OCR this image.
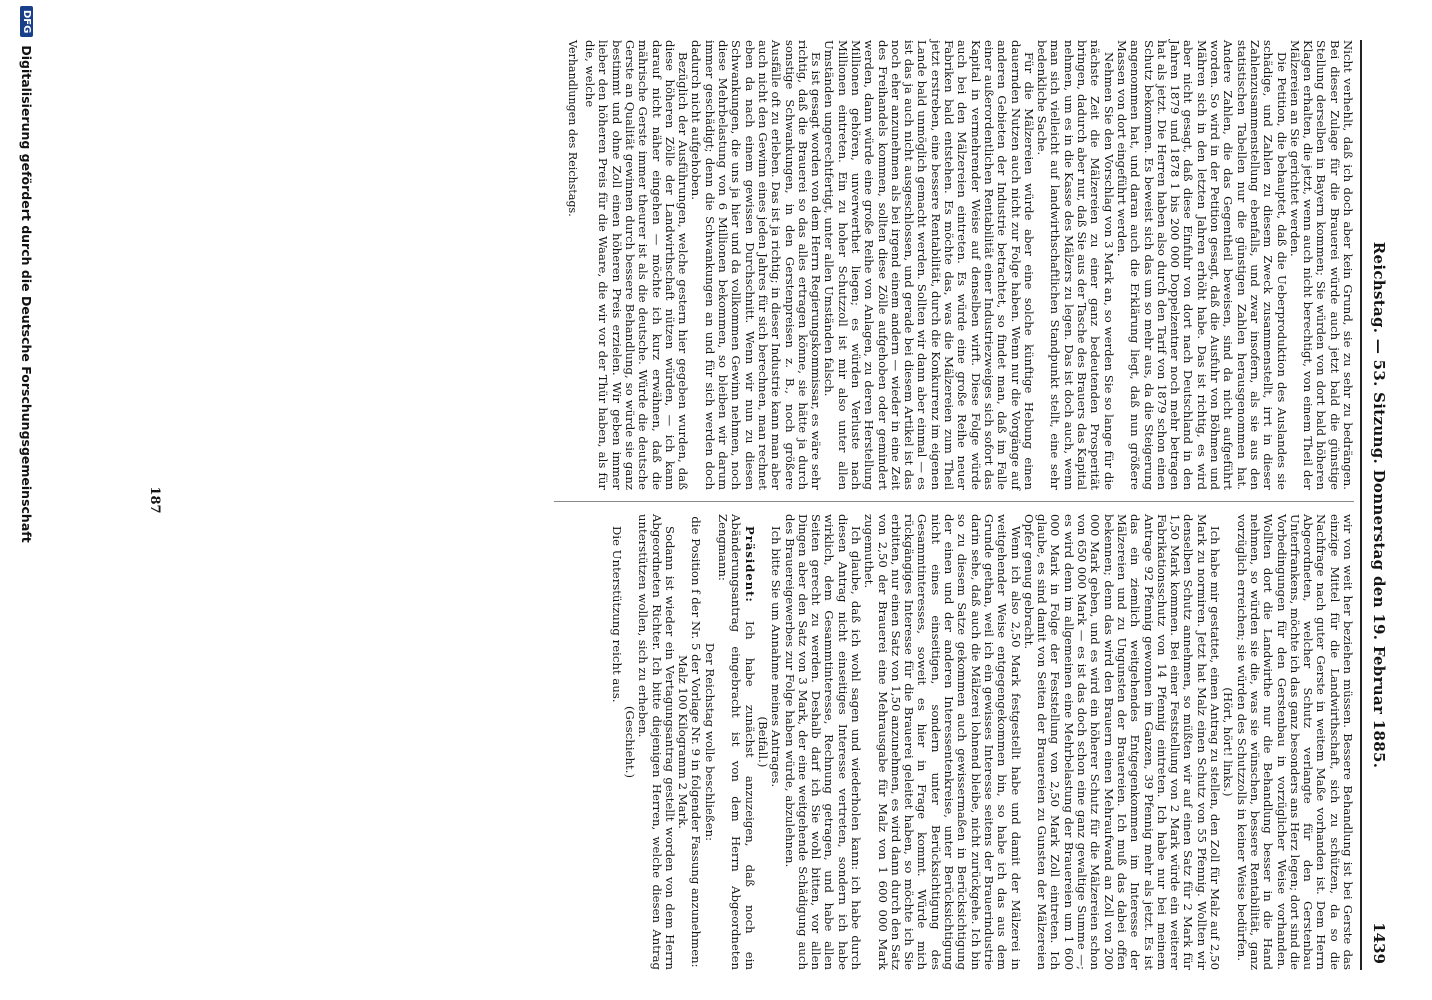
Reichstag. — 53. Sitzung. Donnerstag den 19. Februar 1885.
1439

Nicht verhehlt, daß ich doch aber kein Grund, sie zu sehr zu bedrängen. Bei dieser Zulage für die Brauerei würde auch jetzt bald die günstige Stellung derselben in Bayern kommen; Sie würden von dort bald höheren Klagen erhalten, die jetzt, wenn auch nicht berechtigt, von einem Theil der Mälzereien an Sie gerichtet werden.

Die Petition, die behauptet, daß die Ueberproduktion des Auslandes sie schädige, und Zahlen zu diesem Zweck zusammenstellt, irrt in dieser Zahlenzusammenstellung ebenfalls, und zwar insofern, als sie aus den statistischen Tabellen nur die günstigen Zahlen herausgenommen hat. Andere Zahlen, die das Gegentheil beweisen, sind da nicht aufgeführt worden. So wird in der Petition gesagt, daß die Ausfuhr von Böhmen und Mähren sich in den letzten Jahren erhöht habe. Das ist richtig, es wird aber nicht gesagt, daß diese Einfuhr von dort nach Deutschland in den Jahren 1879 und 1878 1 bis 200 000 Doppelzentner noch mehr betragen hat als jetzt. Die Herren haben also durch den Tarif von 1879 schon einen Schutz bekommen. Es beweist sich das um so mehr aus, da die Steigerung angenommen hat, und daran auch die Erklärung liegt, daß nun größere Massen von dort eingeführt werden.

Nehmen Sie den Vorschlag von 3 Mark an, so werden Sie so lange für die nächste Zeit die Mälzereien zu einer ganz bedeutenden Prosperität bringen, dadurch aber nur, daß Sie aus der Tasche des Brauers das Kapital nehmen, um es in die Kasse des Mälzers zu legen. Das ist doch auch, wenn man sich vielleicht auf landwirthschaftlichen Standpunkt stellt, eine sehr bedenkliche Sache.

Für die Mälzereien würde aber eine solche künftige Hebung einen dauernden Nutzen auch nicht zur Folge haben. Wenn nur die Vorgänge auf anderen Gebieten der Industrie betrachtet, so findet man, daß im Falle einer außerordentlichen Rentabilität einer Industriezweiges sich sofort das Kapital in vermehrender Weise auf denselben wirft. Diese Folge würde auch bei den Mälzereien eintreten. Es würde eine große Reihe neuer Fabriken bald entstehen. Es möchte das, was die Mälzereien zum Theil jetzt erstreben, eine bessere Rentabilität, durch die Konkurrenz im eigenen Lande bald unmöglich gemacht werden. Sollten wir dann aber einmal — es ist das ja auch nicht ausgeschlossen, und gerade bei diesem Artikel ist das noch eher anzunehmen als bei irgend einem andern — wieder in eine Zeit des Freihandels kommen, sollten diese Zölle aufgehoben oder gemindert werden, dann würde eine große Reihe von Anlagen, zu deren Herstellung Millionen gehören, unverwerthet liegen; es würden Verluste nach Millionen eintreten. Ein zu hoher Schutzzoll ist mir also unter allen Umständen ungerechtfertigt, unter allen Umständen falsch.

Es ist gesagt worden von dem Herrn Regierungskommissar, es wäre sehr richtig, daß die Brauerei so das alles ertragen könne, sie hätte ja durch sonstige Schwankungen, in den Gerstenpreisen z. B., noch größere Ausfälle oft zu erleben. Das ist ja richtig; in dieser Industrie kann man aber auch nicht den Gewinn eines jeden Jahres für sich berechnen, man rechnet eben da nach einem gewissen Durchschnitt. Wenn wir nun zu diesen Schwankungen, die uns ja hier und da vollkommen Gewinn nehmen, noch diese Mehrbelastung von 6 Millionen bekommen, so bleiben wir darum immer geschädigt; denn die Schwankungen an und für sich werden doch dadurch nicht aufgehoben.

Bezüglich der Ausführungen, welche gestern hier gegeben wurden, daß diese höheren Zölle der Landwirthschaft nützen würden, — ich kann darauf nicht näher eingehen — möchte ich kurz erwähnen, daß die mährische Gerste immer theurer ist als die deutsche. Würde die deutsche Gerste an Qualität gewinnen durch bessere Behandlung, so würde sie ganz bestimmt und ohne Zoll einen höheren Preis erzielen. Wir geben immer lieber den höheren Preis für die Waare, die wir vor der Thür haben, als für die, welche

Verhandlungen des Reichstags.

wir von weit her beziehen müssen. Bessere Behandlung ist bei Gerste das einzige Mittel für die Landwirthschaft, sich zu schützen, da so die Nachfrage nach guter Gerste in weitem Maße vorhanden ist. Dem Herrn Abgeordneten, welcher Schutz verlangte für den Gerstenbau Unterfrankens, möchte ich das ganz besonders ans Herz legen; dort sind die Vorbedingungen für den Gerstenbau in vorzüglicher Weise vorhanden. Wollten dort die Landwirthe nur die Behandlung besser in die Hand nehmen, so würden sie die, was sie wünschen, bessere Rentabilität, ganz vorzüglich erreichen; sie würden des Schutzzolls in keiner Weise bedürfen.

(Hört, hört! links.)

Ich habe mir gestattet, einen Antrag zu stellen, den Zoll für Malz auf 2,50 Mark zu normiren. Jetzt hat Malz einen Schutz von 55 Pfennig. Wollten wir denselben Schutz annehmen, so müßten wir auf einen Satz für 2 Mark für 1,50 Mark kommen. Bei einer Feststellung von 2 Mark würde ein weiterer Fabrikationsschutz von 14 Pfennig eintreten. Ich habe nur bei meinem Antrage 92 Pfennig gewonnen im Ganzen, 39 Pfennig mehr als jetzt. Es ist das ein ziemlich weitgehendes Entgegenkommen im Interesse der Mälzereien und zu Ungunsten der Brauereien. Ich muß das dabei offen bekennen; denn das wird den Brauern einen Mehraufwand an Zoll von 200 000 Mark geben, und es wird ein höherer Schutz für die Mälzereien schon von 650 000 Mark — es ist das doch schon eine ganz gewaltige Summe —; es wird denn im allgemeinen eine Mehrbelastung der Brauereien um 1 600 000 Mark in Folge der Feststellung von 2,50 Mark Zoll eintreten. Ich glaube, es sind damit von Seiten der Brauereien zu Gunsten der Mälzereien Opfer genug gebracht.

Wenn ich also 2,50 Mark festgestellt habe und damit der Mälzerei in weitgehender Weise entgegengekommen bin, so habe ich das aus dem Grunde gethan, weil ich ein gewisses Interesse seitens der Brauerindustrie darin sehe, daß auch die Mälzerei lohnend bleibe, nicht zurückgehe. Ich bin so zu diesem Satze gekommen auch gewissermaßen in Berücksichtigung der einen und der anderen Interessentenkreise, unter Berücksichtigung nicht eines einseitigen, sondern unter Berücksichtigung des Gesammtinteresses, soweit es hier in Frage kommt. Würde mich rückgängiges Interesse für die Brauerei geleitet haben, so möchte ich Sie erbitten, nur einen Satz von 1,50 anzunehmen, es wird dann durch den Satz von 2,50 der Brauerei eine Mehrausgabe für Malz von 1 600 000 Mark zugemuthet.

Ich glaube, daß ich wohl sagen und wiederholen kann: ich habe durch diesen Antrag nicht einseitiges Interesse vertreten, sondern ich habe wirklich, dem Gesammtinteresse, Rechnung getragen, und habe allen Seiten gerecht zu werden. Deshalb darf ich Sie wohl bitten, vor allen Dingen aber den Satz von 3 Mark, der eine weitgehende Schädigung auch des Brauereigewerbes zur Folge haben würde, abzulehnen.

Ich bitte Sie um Annahme meines Antrages.

(Beifall.)

Präsident: Ich habe zunächst anzuzeigen, daß noch ein Abänderungsantrag eingebracht ist von dem Herrn Abgeordneten Zengmann:

Der Reichstag wolle beschließen:

die Position f der Nr. 5 der Vorlage Nr. 9 in folgender Fassung anzunehmen:

Malz 100 Kilogramm 2 Mark.

Sodann ist wieder ein Vertagungsantrag gestellt worden von dem Herrn Abgeordneten Richter. Ich bitte diejenigen Herren, welche diesen Antrag unterstützen wollen, sich zu erheben.

(Geschieht.)

Die Unterstützung reicht aus.

187
DFG
Digitalisierung gefördert durch die Deutsche Forschungsgemeinschaft
